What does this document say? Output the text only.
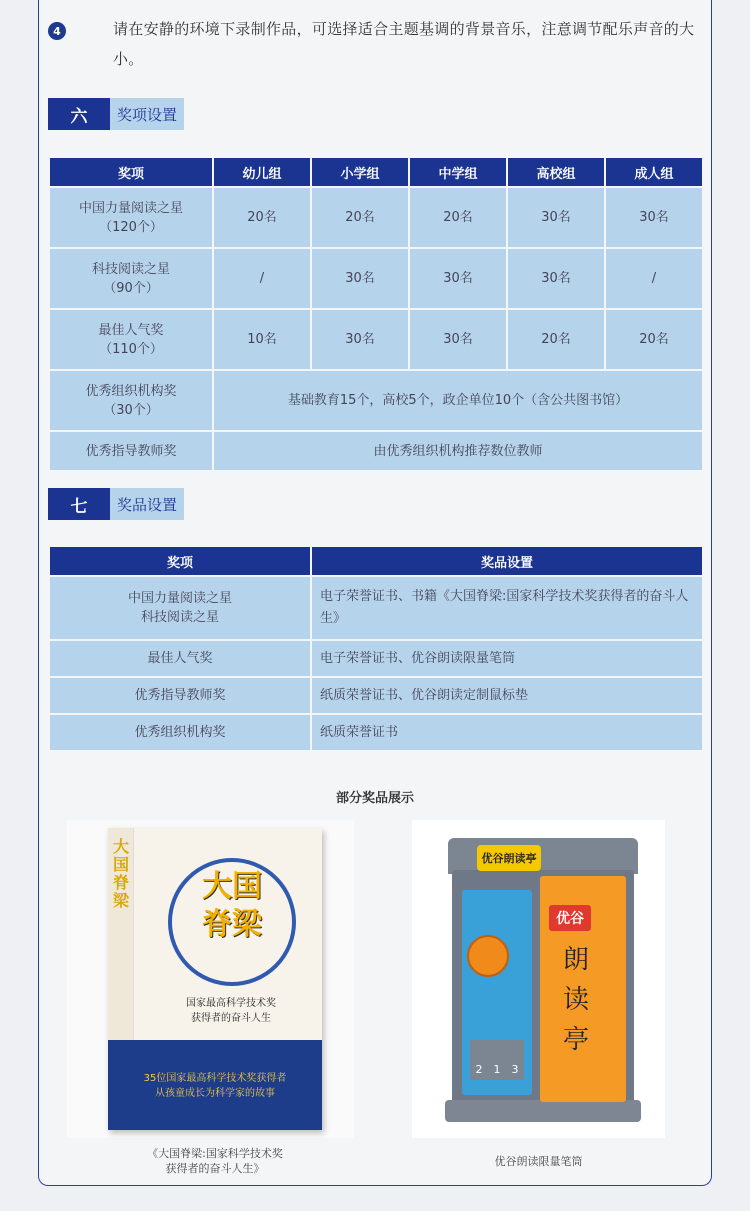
4	请在安静的环境下录制作品，可选择适合主题基调的背景音乐，注意调节配乐声音的大小。
六	奖项设置
奖项	幼儿组	小学组	中学组	高校组	成人组
中国力量阅读之星
（120个）	20名	20名	20名	30名	30名
科技阅读之星
（90个）	/	30名	30名	30名	/
最佳人气奖
（110个）	10名	30名	30名	20名	20名
优秀组织机构奖
（30个）	基础教育15个，高校5个，政企单位10个（含公共图书馆）				
优秀指导教师奖	由优秀组织机构推荐数位教师				
七	奖品设置
奖项	奖品设置
中国力量阅读之星
科技阅读之星	电子荣誉证书、书籍《大国脊梁:国家科学技术奖获得者的奋斗人生》
最佳人气奖	电子荣誉证书、优谷朗读限量笔筒
优秀指导教师奖	纸质荣誉证书、优谷朗读定制鼠标垫
优秀组织机构奖	纸质荣誉证书
部分奖品展示
大国脊梁	大国
脊梁
国家最高科学技术奖
获得者的奋斗人生
35位国家最高科学技术奖获得者
从孩童成长为科学家的故事
《大国脊梁:国家科学技术奖
获得者的奋斗人生》
优谷朗读亭
优谷
朗
读
亭
2 1 3
优谷朗读限量笔筒
